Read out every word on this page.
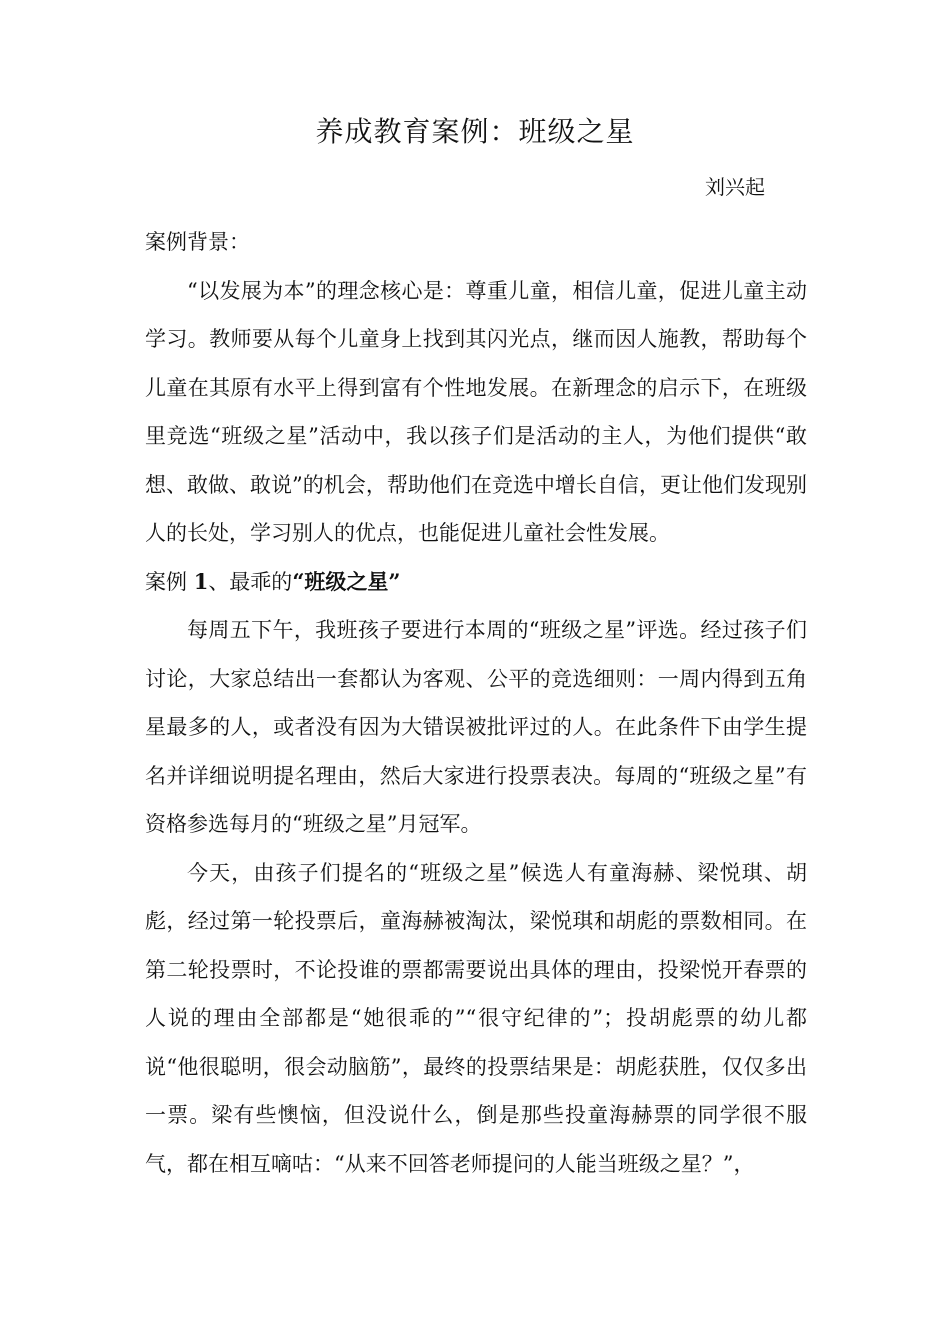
养成教育案例：班级之星
刘兴起

案例背景：

“以发展为本”的理念核心是：尊重儿童，相信儿童，促进儿童主动学习。教师要从每个儿童身上找到其闪光点，继而因人施教，帮助每个儿童在其原有水平上得到富有个性地发展。在新理念的启示下，在班级里竞选“班级之星”活动中，我以孩子们是活动的主人，为他们提供“敢想、敢做、敢说”的机会，帮助他们在竞选中增长自信，更让他们发现别人的长处，学习别人的优点，也能促进儿童社会性发展。

案例 1、最乖的“班级之星”

每周五下午，我班孩子要进行本周的“班级之星”评选。经过孩子们讨论，大家总结出一套都认为客观、公平的竞选细则：一周内得到五角星最多的人，或者没有因为大错误被批评过的人。在此条件下由学生提名并详细说明提名理由，然后大家进行投票表决。每周的“班级之星”有资格参选每月的“班级之星”月冠军。

今天，由孩子们提名的“班级之星”候选人有童海赫、梁悦琪、胡彪，经过第一轮投票后，童海赫被淘汰，梁悦琪和胡彪的票数相同。在第二轮投票时，不论投谁的票都需要说出具体的理由，投梁悦开春票的人说的理由全部都是“她很乖的”“很守纪律的”；投胡彪票的幼儿都说“他很聪明，很会动脑筋”，最终的投票结果是：胡彪获胜，仅仅多出一票。梁有些懊恼，但没说什么，倒是那些投童海赫票的同学很不服气，都在相互嘀咕：“从来不回答老师提问的人能当班级之星？”，
